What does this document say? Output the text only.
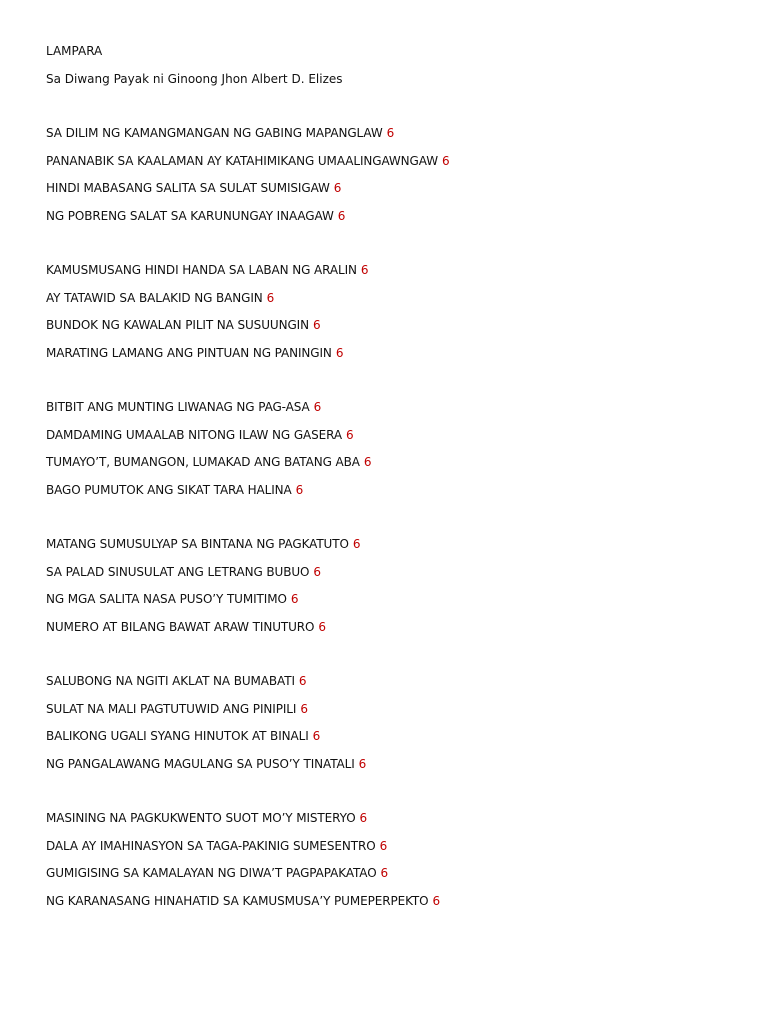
LAMPARA
Sa Diwang Payak ni Ginoong Jhon Albert D. Elizes
SA DILIM NG KAMANGMANGAN NG GABING MAPANGLAW 6
PANANABIK SA KAALAMAN AY KATAHIMIKANG UMAALINGAWNGAW 6
HINDI MABASANG SALITA SA SULAT SUMISIGAW 6
NG POBRENG SALAT SA KARUNUNGAY INAAGAW 6
KAMUSMUSANG HINDI HANDA SA LABAN NG ARALIN 6
AY TATAWID SA BALAKID NG BANGIN 6
BUNDOK NG KAWALAN PILIT NA SUSUUNGIN 6
MARATING LAMANG ANG PINTUAN NG PANINGIN 6
BITBIT ANG MUNTING LIWANAG NG PAG-ASA 6
DAMDAMING UMAALAB NITONG ILAW NG GASERA 6
TUMAYO’T, BUMANGON, LUMAKAD ANG BATANG ABA 6
BAGO PUMUTOK ANG SIKAT TARA HALINA 6
MATANG SUMUSULYAP SA BINTANA NG PAGKATUTO 6
SA PALAD SINUSULAT ANG LETRANG BUBUO 6
NG MGA SALITA NASA PUSO’Y TUMITIMO 6
NUMERO AT BILANG BAWAT ARAW TINUTURO 6
SALUBONG NA NGITI AKLAT NA BUMABATI 6
SULAT NA MALI PAGTUTUWID ANG PINIPILI 6
BALIKONG UGALI SYANG HINUTOK AT BINALI 6
NG PANGALAWANG MAGULANG SA PUSO’Y TINATALI 6
MASINING NA PAGKUKWENTO SUOT MO’Y MISTERYO 6
DALA AY IMAHINASYON SA TAGA-PAKINIG SUMESENTRO 6
GUMIGISING SA KAMALAYAN NG DIWA’T PAGPAPAKATAO 6
NG KARANASANG HINAHATID SA KAMUSMUSA’Y PUMEPERPEKTO 6
